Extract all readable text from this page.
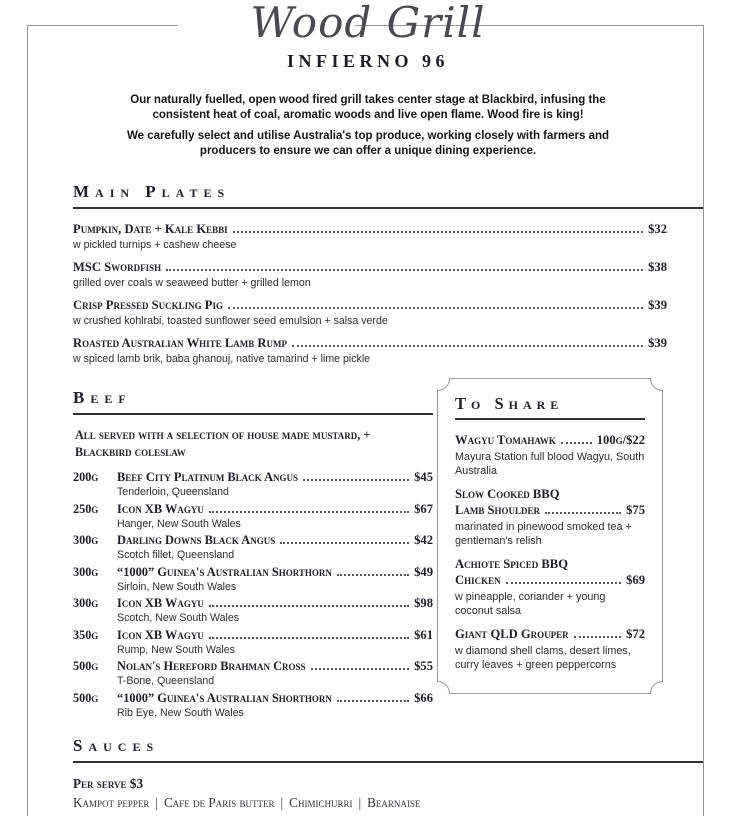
Wood Grill
INFIERNO 96

Our naturally fuelled, open wood fired grill takes center stage at Blackbird, infusing the consistent heat of coal, aromatic woods and live open flame. Wood fire is king!

We carefully select and utilise Australia's top produce, working closely with farmers and producers to ensure we can offer a unique dining experience.

Main Plates
Pumpkin, Date + Kale Kebbi	$32
w pickled turnips + cashew cheese
MSC Swordfish	$38
grilled over coals w seaweed butter + grilled lemon
Crisp Pressed Suckling Pig	$39
w crushed kohlrabi, toasted sunflower seed emulsion + salsa verde
Roasted Australian White Lamb Rump	$39
w spiced lamb brik, baba ghanouj, native tamarind + lime pickle
Beef
All served with a selection of house made mustard, + Blackbird coleslaw
200g	Beef City Platinum Black Angus	$45
Tenderloin, Queensland
250g	Icon XB Wagyu	$67
Hanger, New South Wales
300g	Darling Downs Black Angus	$42
Scotch fillet, Queensland
300g	“1000” Guinea's Australian Shorthorn	$49
Sirloin, New South Wales
300g	Icon XB Wagyu	$98
Scotch, New South Wales
350g	Icon XB Wagyu	$61
Rump, New South Wales
500g	Nolan's Hereford Brahman Cross	$55
T-Bone, Queensland
500g	“1000” Guinea's Australian Shorthorn	$66
Rib Eye, New South Wales
To Share
Wagyu Tomahawk	100g/$22
Mayura Station full blood Wagyu, South Australia
Slow Cooked BBQ
Lamb Shoulder	$75
marinated in pinewood smoked tea + gentleman's relish
Achiote Spiced BBQ
Chicken	$69
w pineapple, coriander + young coconut salsa
Giant QLD Grouper	$72
w diamond shell clams, desert limes, curry leaves + green peppercorns
Sauces
Per serve $3
Kampot pepper | Cafe de Paris butter | Chimichurri | Bearnaise
